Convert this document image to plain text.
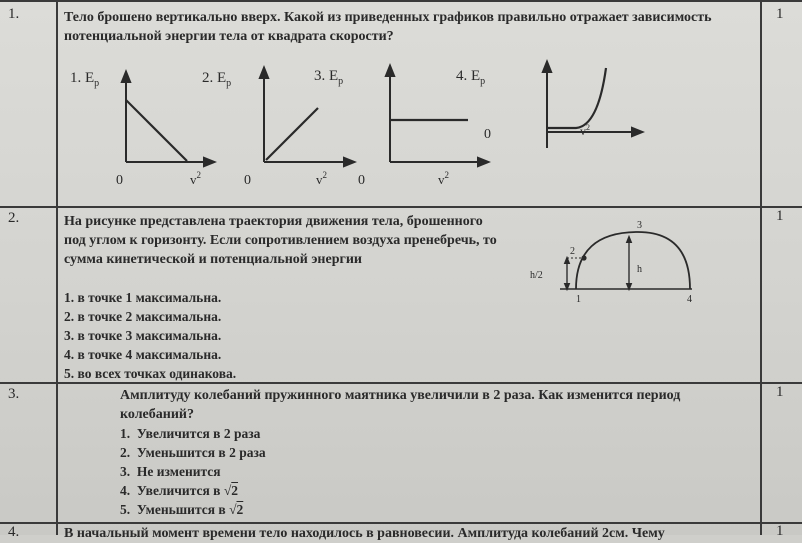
1.	1
Тело брошено вертикально вверх. Какой из приведенных графиков правильно отражает зависимость потенциальной энергии тела от квадрата скорости?
1. $E_p$
0	$v^2$
2. $E_p$
0	$v^2$
3. $E_p$
0	$v^2$
4. $E_p$
0	$v^2$
2.	1
На рисунке представлена траектория движения тела, брошенного под углом к горизонту. Если сопротивлением воздуха пренебречь, то сумма кинетической и потенциальной энергии
1. в точке 1 максимальна.
2. в точке 2 максимальна.
3. в точке 3 максимальна.
4. в точке 4 максимальна.
5. во всех точках одинакова.
h/2
1
2
3
4
h
3.	1
Амплитуду колебаний пружинного маятника увеличили в 2 раза. Как изменится период колебаний?
1. Увеличится в 2 раза
2. Уменьшится в 2 раза
3. Не изменится
4. Увеличится в √2
5. Уменьшится в √2
4.	1
В начальный момент времени тело находилось в равновесии. Амплитуда колебаний 2см. Чему
